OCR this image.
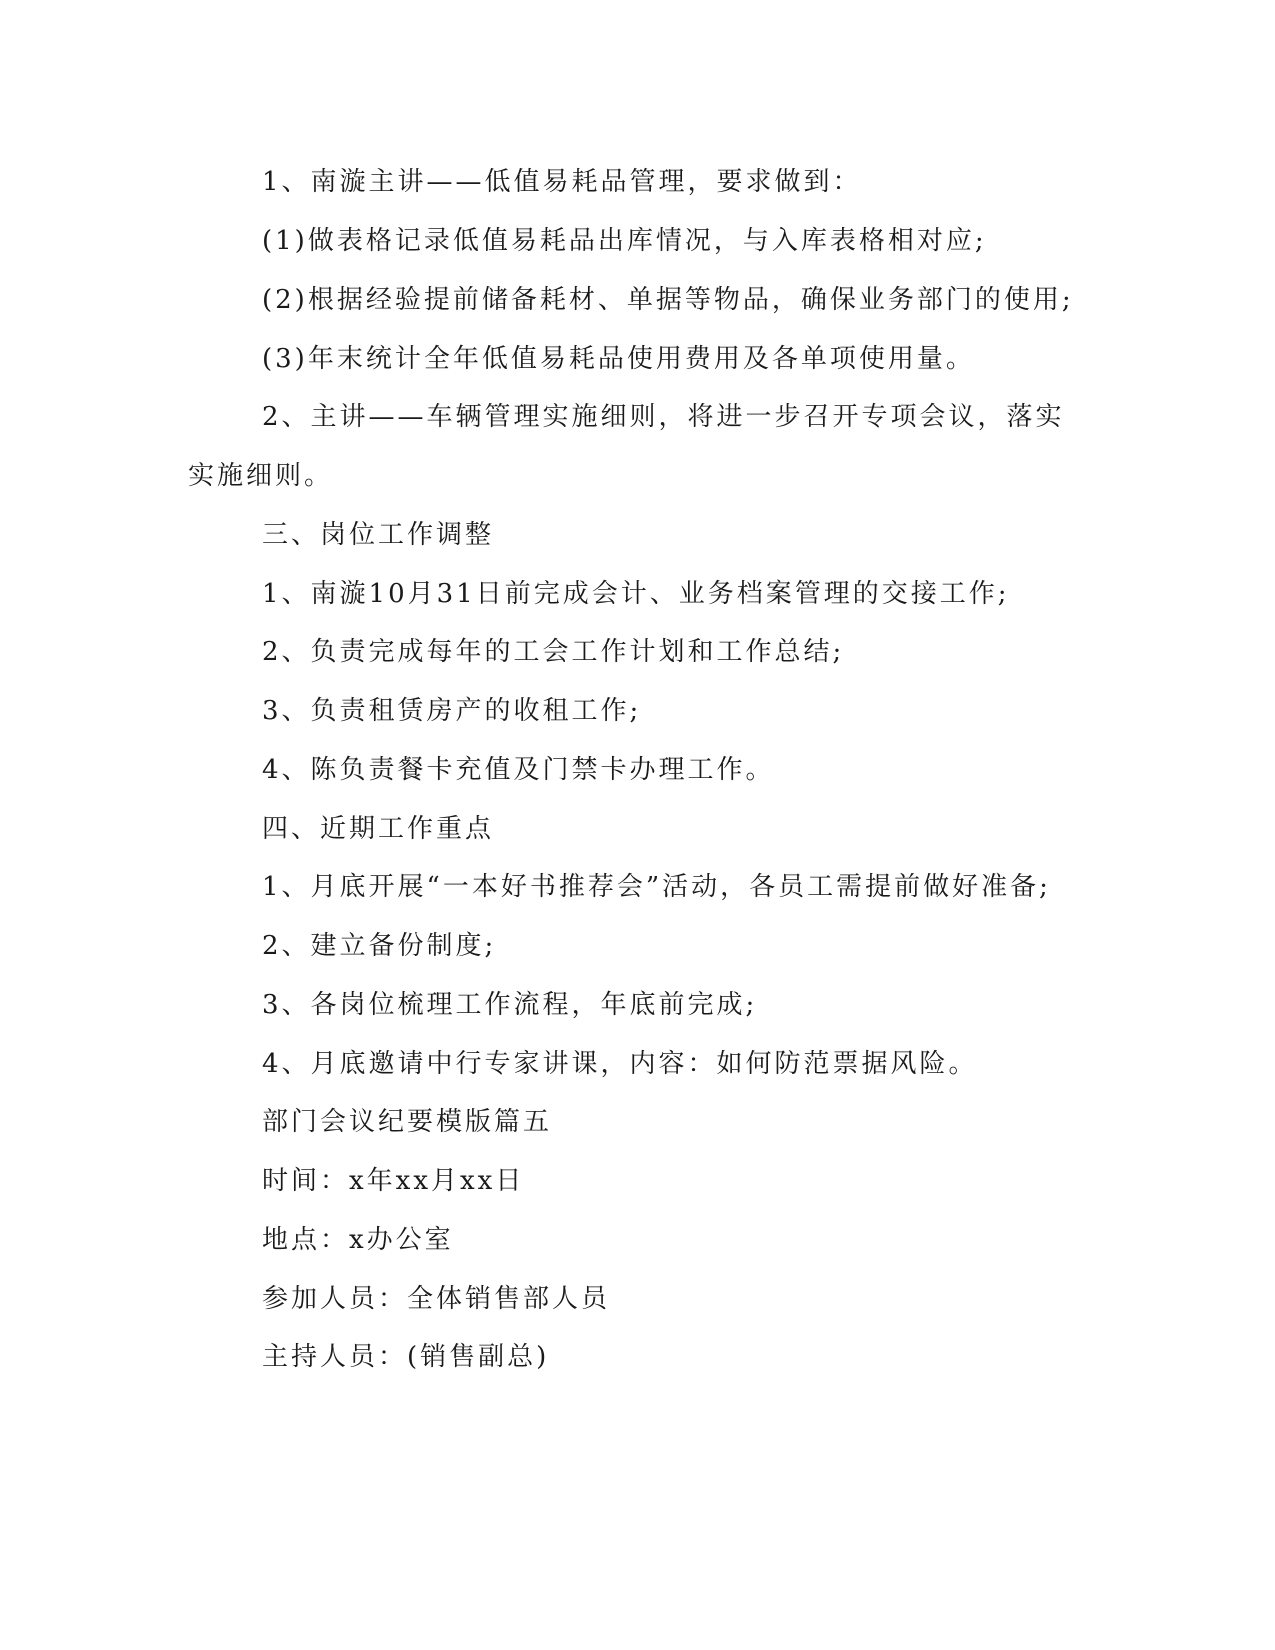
1、南漩主讲——低值易耗品管理，要求做到：
(1)做表格记录低值易耗品出库情况，与入库表格相对应;
(2)根据经验提前储备耗材、单据等物品，确保业务部门的使用;
(3)年末统计全年低值易耗品使用费用及各单项使用量。
2、主讲——车辆管理实施细则，将进一步召开专项会议，落实
实施细则。
三、岗位工作调整
1、南漩10月31日前完成会计、业务档案管理的交接工作;
2、负责完成每年的工会工作计划和工作总结;
3、负责租赁房产的收租工作;
4、陈负责餐卡充值及门禁卡办理工作。
四、近期工作重点
1、月底开展“一本好书推荐会”活动，各员工需提前做好准备;
2、建立备份制度;
3、各岗位梳理工作流程，年底前完成;
4、月底邀请中行专家讲课，内容：如何防范票据风险。
部门会议纪要模版篇五
时间：x年xx月xx日
地点：x办公室
参加人员：全体销售部人员
主持人员：(销售副总)
